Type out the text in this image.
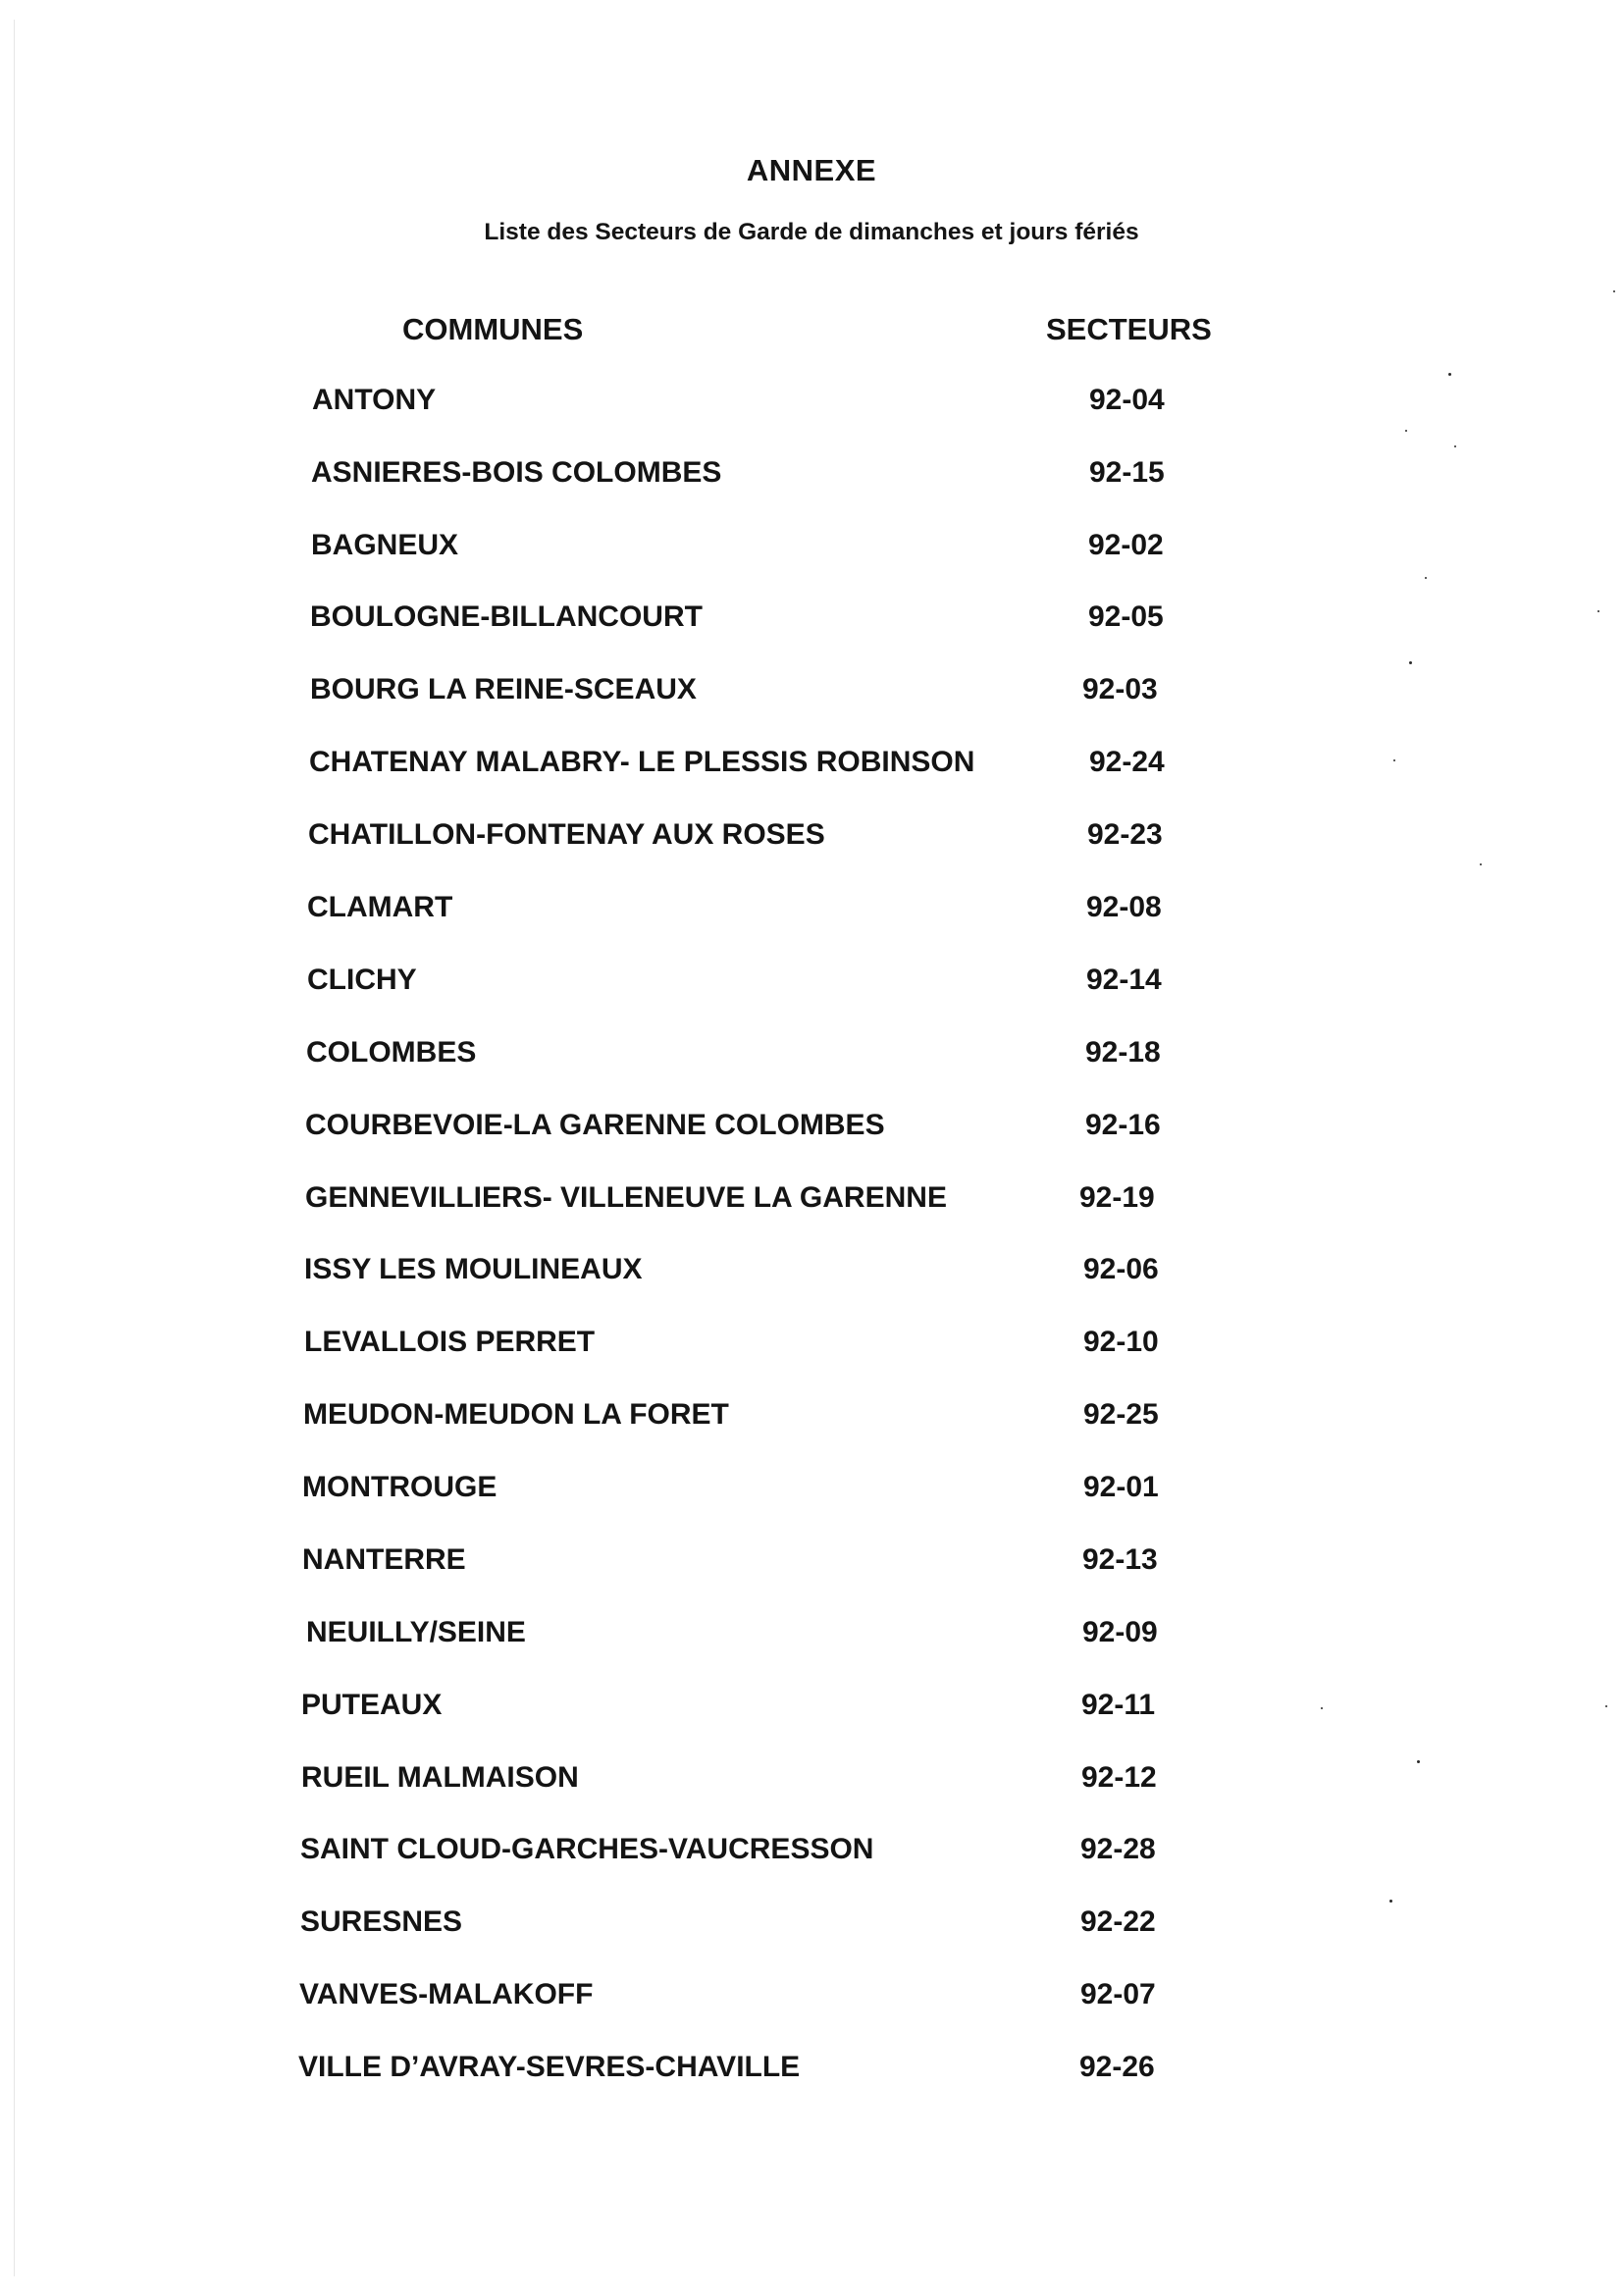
ANNEXE
Liste des Secteurs de Garde de dimanches et jours fériés
COMMUNES	SECTEURS
ANTONY	92-04
ASNIERES-BOIS COLOMBES	92-15
BAGNEUX	92-02
BOULOGNE-BILLANCOURT	92-05
BOURG LA REINE-SCEAUX	92-03
CHATENAY MALABRY- LE PLESSIS ROBINSON	92-24
CHATILLON-FONTENAY AUX ROSES	92-23
CLAMART	92-08
CLICHY	92-14
COLOMBES	92-18
COURBEVOIE-LA GARENNE COLOMBES	92-16
GENNEVILLIERS- VILLENEUVE LA GARENNE	92-19
ISSY LES MOULINEAUX	92-06
LEVALLOIS PERRET	92-10
MEUDON-MEUDON LA FORET	92-25
MONTROUGE	92-01
NANTERRE	92-13
NEUILLY/SEINE	92-09
PUTEAUX	92-11
RUEIL MALMAISON	92-12
SAINT CLOUD-GARCHES-VAUCRESSON	92-28
SURESNES	92-22
VANVES-MALAKOFF	92-07
VILLE D’AVRAY-SEVRES-CHAVILLE	92-26
